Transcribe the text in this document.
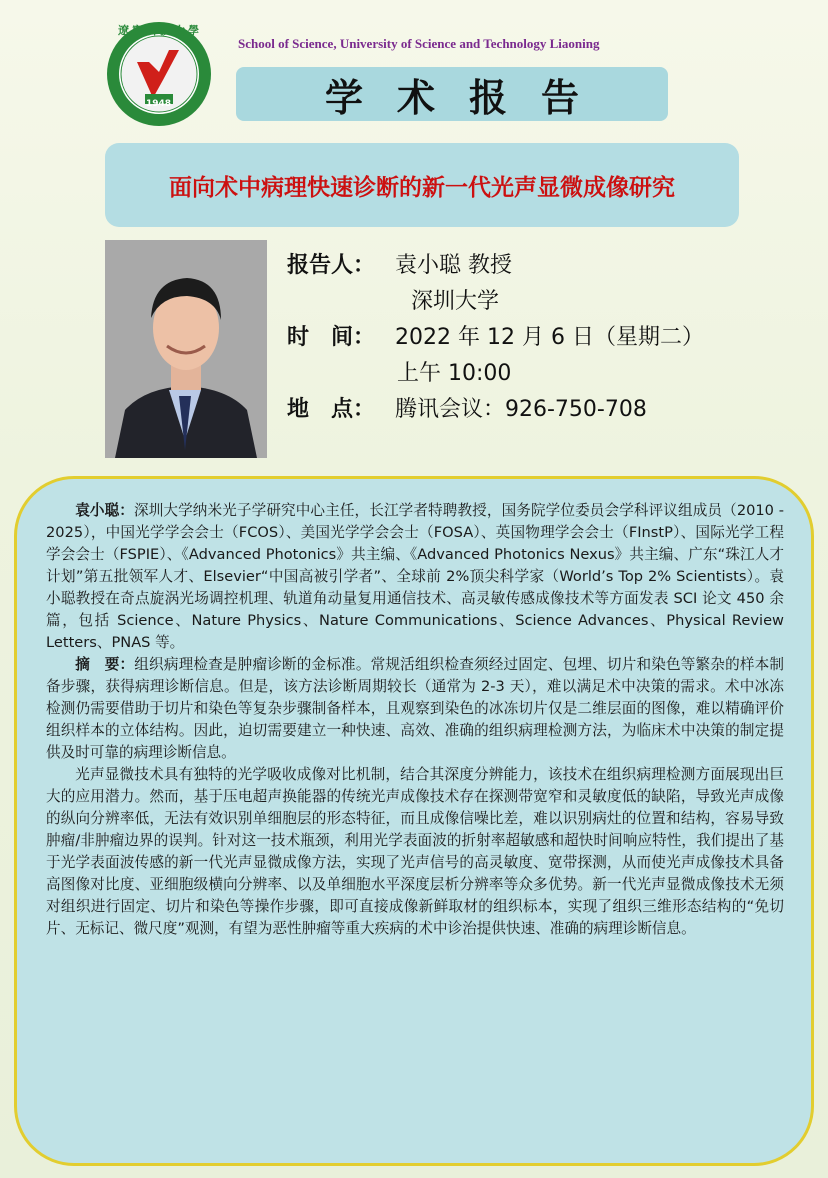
遼寧科技大學
1948
School of Science, University of Science and Technology Liaoning
学术报告
面向术中病理快速诊断的新一代光声显微成像研究
报告人： 袁小聪 教授
深圳大学
时　间： 2022 年 12 月 6 日（星期二）
上午 10:00
地　点： 腾讯会议：926-750-708

袁小聪：深圳大学纳米光子学研究中心主任，长江学者特聘教授，国务院学位委员会学科评议组成员（2010 - 2025），中国光学学会会士（FCOS）、美国光学学会会士（FOSA）、英国物理学会会士（FInstP）、国际光学工程学会会士（FSPIE）、《Advanced Photonics》共主编、《Advanced Photonics Nexus》共主编、广东“珠江人才计划”第五批领军人才、Elsevier“中国高被引学者”、全球前 2%顶尖科学家（World’s Top 2% Scientists）。袁小聪教授在奇点旋涡光场调控机理、轨道角动量复用通信技术、高灵敏传感成像技术等方面发表 SCI 论文 450 余篇，包括 Science、Nature Physics、Nature Communications、Science Advances、Physical Review Letters、PNAS 等。

摘　要：组织病理检查是肿瘤诊断的金标准。常规活组织检查须经过固定、包埋、切片和染色等繁杂的样本制备步骤，获得病理诊断信息。但是，该方法诊断周期较长（通常为 2-3 天），难以满足术中决策的需求。术中冰冻检测仍需要借助于切片和染色等复杂步骤制备样本，且观察到染色的冰冻切片仅是二维层面的图像，难以精确评价组织样本的立体结构。因此，迫切需要建立一种快速、高效、准确的组织病理检测方法，为临床术中决策的制定提供及时可靠的病理诊断信息。

光声显微技术具有独特的光学吸收成像对比机制，结合其深度分辨能力，该技术在组织病理检测方面展现出巨大的应用潜力。然而，基于压电超声换能器的传统光声成像技术存在探测带宽窄和灵敏度低的缺陷，导致光声成像的纵向分辨率低，无法有效识别单细胞层的形态特征，而且成像信噪比差，难以识别病灶的位置和结构，容易导致肿瘤/非肿瘤边界的误判。针对这一技术瓶颈，利用光学表面波的折射率超敏感和超快时间响应特性，我们提出了基于光学表面波传感的新一代光声显微成像方法，实现了光声信号的高灵敏度、宽带探测，从而使光声成像技术具备高图像对比度、亚细胞级横向分辨率、以及单细胞水平深度层析分辨率等众多优势。新一代光声显微成像技术无须对组织进行固定、切片和染色等操作步骤，即可直接成像新鲜取材的组织标本，实现了组织三维形态结构的“免切片、无标记、微尺度”观测，有望为恶性肿瘤等重大疾病的术中诊治提供快速、准确的病理诊断信息。
